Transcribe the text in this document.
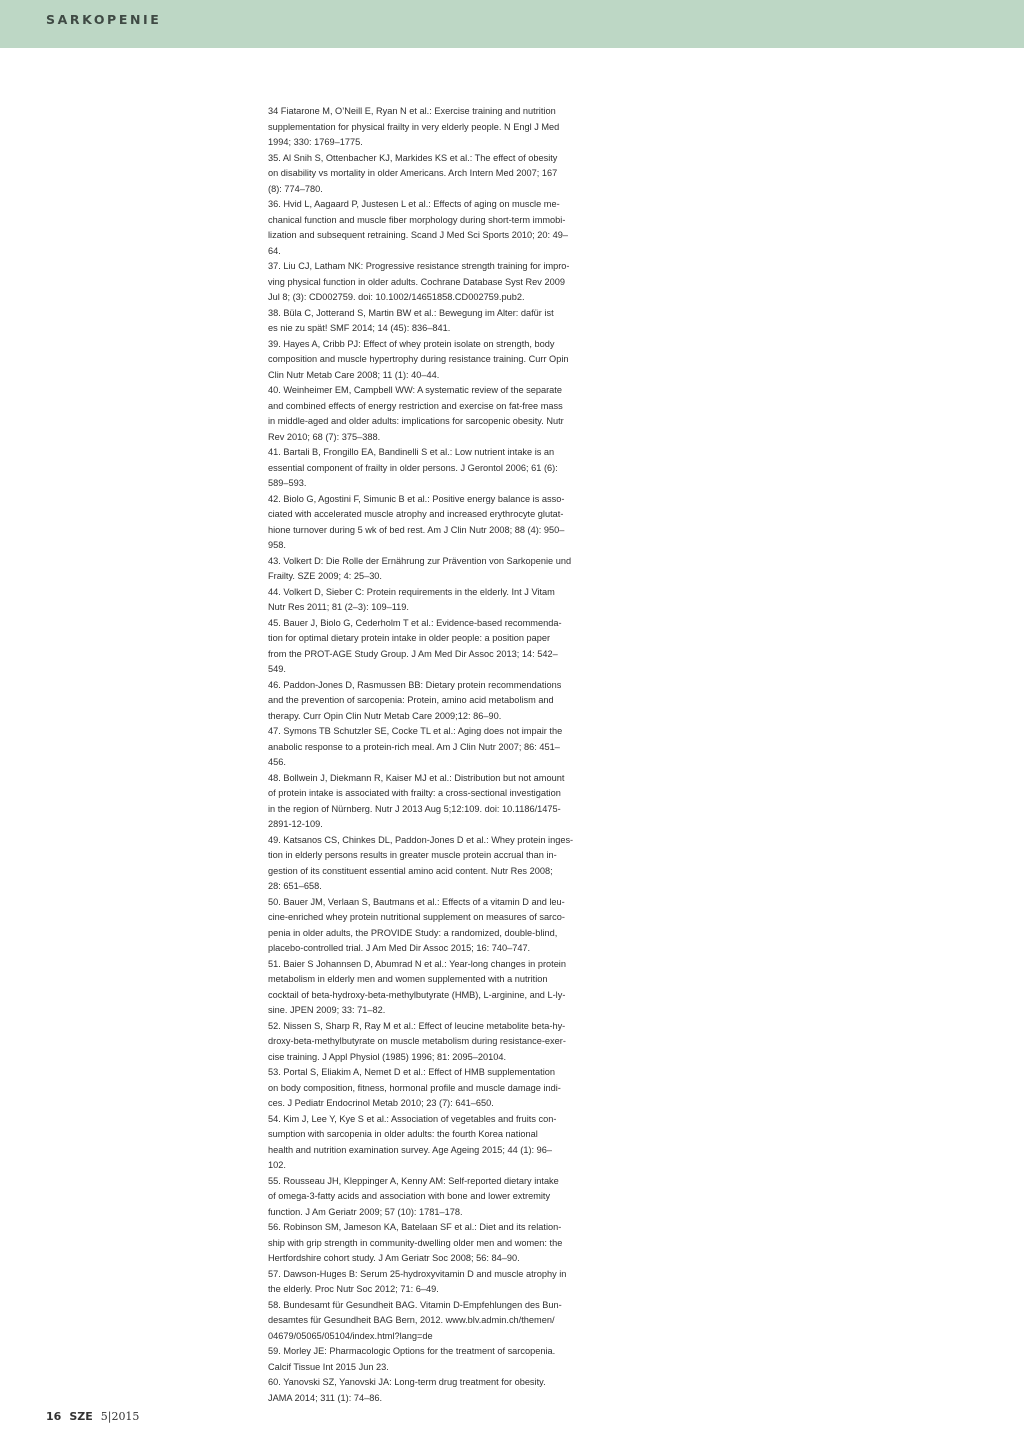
SARKOPENIE

34 Fiatarone M, O’Neill E, Ryan N et al.: Exercise training and nutrition
supplementation for physical frailty in very elderly people. N Engl J Med
1994; 330: 1769–1775.

35. Al Snih S, Ottenbacher KJ, Markides KS et al.: The effect of obesity
on disability vs mortality in older Americans. Arch Intern Med 2007; 167
(8): 774–780.

36. Hvid L, Aagaard P, Justesen L et al.: Effects of aging on muscle me-
chanical function and muscle fiber morphology during short-term immobi-
lization and subsequent retraining. Scand J Med Sci Sports 2010; 20: 49–
64.

37. Liu CJ, Latham NK: Progressive resistance strength training for impro-
ving physical function in older adults. Cochrane Database Syst Rev 2009
Jul 8; (3): CD002759. doi: 10.1002/14651858.CD002759.pub2.

38. Büla C, Jotterand S, Martin BW et al.: Bewegung im Alter: dafür ist
es nie zu spät! SMF 2014; 14 (45): 836–841.

39. Hayes A, Cribb PJ: Effect of whey protein isolate on strength, body
composition and muscle hypertrophy during resistance training. Curr Opin
Clin Nutr Metab Care 2008; 11 (1): 40–44.

40. Weinheimer EM, Campbell WW: A systematic review of the separate
and combined effects of energy restriction and exercise on fat-free mass
in middle-aged and older adults: implications for sarcopenic obesity. Nutr
Rev 2010; 68 (7): 375–388.

41. Bartali B, Frongillo EA, Bandinelli S et al.: Low nutrient intake is an
essential component of frailty in older persons. J Gerontol 2006; 61 (6):
589–593.

42. Biolo G, Agostini F, Simunic B et al.: Positive energy balance is asso-
ciated with accelerated muscle atrophy and increased erythrocyte glutat-
hione turnover during 5 wk of bed rest. Am J Clin Nutr 2008; 88 (4): 950–
958.

43. Volkert D: Die Rolle der Ernährung zur Prävention von Sarkopenie und
Frailty. SZE 2009; 4: 25–30.

44. Volkert D, Sieber C: Protein requirements in the elderly. Int J Vitam
Nutr Res 2011; 81 (2–3): 109–119.

45. Bauer J, Biolo G, Cederholm T et al.: Evidence-based recommenda-
tion for optimal dietary protein intake in older people: a position paper
from the PROT-AGE Study Group. J Am Med Dir Assoc 2013; 14: 542–
549.

46. Paddon-Jones D, Rasmussen BB: Dietary protein recommendations
and the prevention of sarcopenia: Protein, amino acid metabolism and
therapy. Curr Opin Clin Nutr Metab Care 2009;12: 86–90.

47. Symons TB Schutzler SE, Cocke TL et al.: Aging does not impair the
anabolic response to a protein-rich meal. Am J Clin Nutr 2007; 86: 451–
456.

48. Bollwein J, Diekmann R, Kaiser MJ et al.: Distribution but not amount
of protein intake is associated with frailty: a cross-sectional investigation
in the region of Nürnberg. Nutr J 2013 Aug 5;12:109. doi: 10.1186/1475-
2891-12-109.

49. Katsanos CS, Chinkes DL, Paddon-Jones D et al.: Whey protein inges-
tion in elderly persons results in greater muscle protein accrual than in-
gestion of its constituent essential amino acid content. Nutr Res 2008;
28: 651–658.

50. Bauer JM, Verlaan S, Bautmans et al.: Effects of a vitamin D and leu-
cine-enriched whey protein nutritional supplement on measures of sarco-
penia in older adults, the PROVIDE Study: a randomized, double-blind,
placebo-controlled trial. J Am Med Dir Assoc 2015; 16: 740–747.

51. Baier S Johannsen D, Abumrad N et al.: Year-long changes in protein
metabolism in elderly men and women supplemented with a nutrition
cocktail of beta-hydroxy-beta-methylbutyrate (HMB), L-arginine, and L-ly-
sine. JPEN 2009; 33: 71–82.

52. Nissen S, Sharp R, Ray M et al.: Effect of leucine metabolite beta-hy-
droxy-beta-methylbutyrate on muscle metabolism during resistance-exer-
cise training. J Appl Physiol (1985) 1996; 81: 2095–20104.

53. Portal S, Eliakim A, Nemet D et al.: Effect of HMB supplementation
on body composition, fitness, hormonal profile and muscle damage indi-
ces. J Pediatr Endocrinol Metab 2010; 23 (7): 641–650.

54. Kim J, Lee Y, Kye S et al.: Association of vegetables and fruits con-
sumption with sarcopenia in older adults: the fourth Korea national
health and nutrition examination survey. Age Ageing 2015; 44 (1): 96–
102.

55. Rousseau JH, Kleppinger A, Kenny AM: Self-reported dietary intake
of omega-3-fatty acids and association with bone and lower extremity
function. J Am Geriatr 2009; 57 (10): 1781–178.

56. Robinson SM, Jameson KA, Batelaan SF et al.: Diet and its relation-
ship with grip strength in community-dwelling older men and women: the
Hertfordshire cohort study. J Am Geriatr Soc 2008; 56: 84–90.

57. Dawson-Huges B: Serum 25-hydroxyvitamin D and muscle atrophy in
the elderly. Proc Nutr Soc 2012; 71: 6–49.

58. Bundesamt für Gesundheit BAG. Vitamin D-Empfehlungen des Bun-
desamtes für Gesundheit BAG Bern, 2012. www.blv.admin.ch/themen/
04679/05065/05104/index.html?lang=de

59. Morley JE: Pharmacologic Options for the treatment of sarcopenia.
Calcif Tissue Int 2015 Jun 23.

60. Yanovski SZ, Yanovski JA: Long-term drug treatment for obesity.
JAMA 2014; 311 (1): 74–86.

16 SZE 5|2015
